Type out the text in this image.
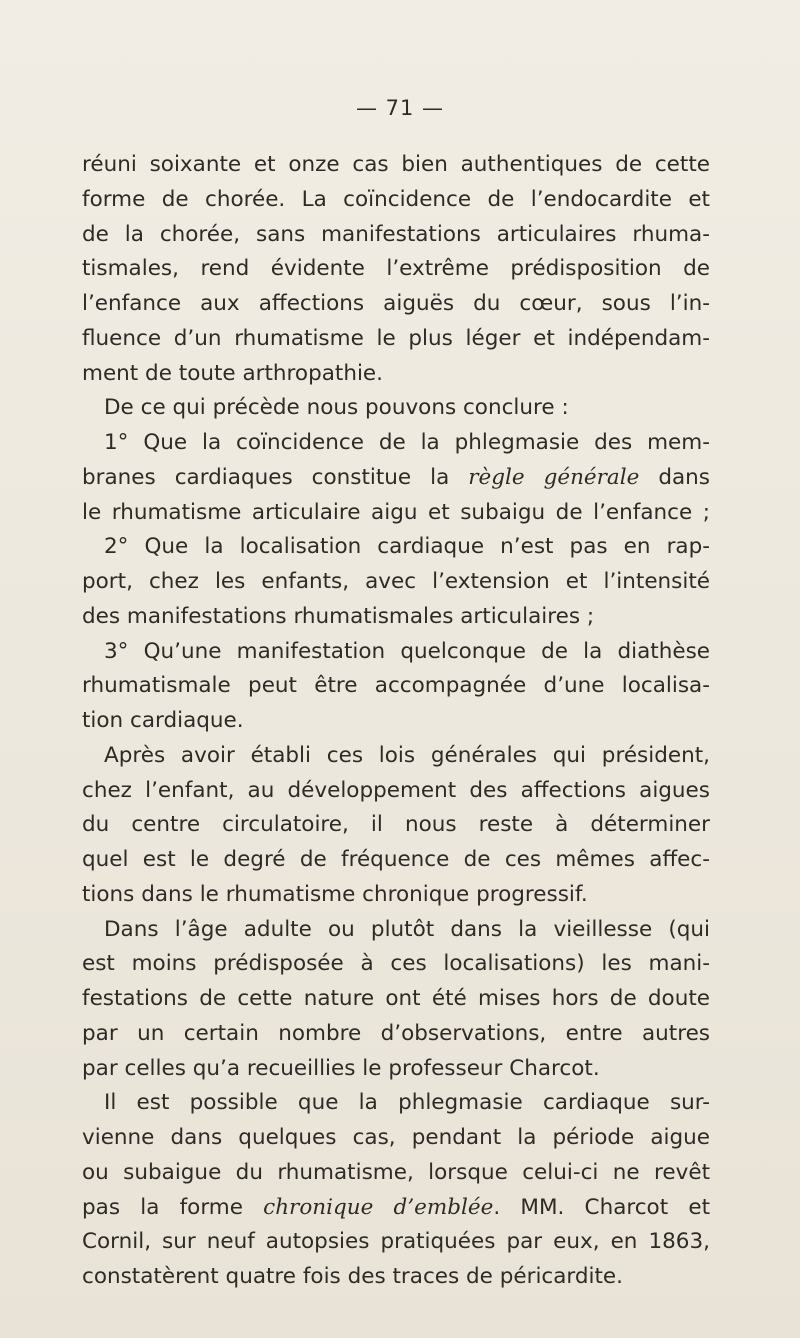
— 71 —
réuni soixante et onze cas bien authentiques de cette
forme de chorée. La coïncidence de l’endocardite et
de la chorée, sans manifestations articulaires rhuma-
tismales, rend évidente l’extrême prédisposition de
l’enfance aux affections aiguës du cœur, sous l’in-
fluence d’un rhumatisme le plus léger et indépendam-
ment de toute arthropathie.
De ce qui précède nous pouvons conclure :
1° Que la coïncidence de la phlegmasie des mem-
branes cardiaques constitue la règle générale dans
le rhumatisme articulaire aigu et subaigu de l’enfance ;
2° Que la localisation cardiaque n’est pas en rap-
port, chez les enfants, avec l’extension et l’intensité
des manifestations rhumatismales articulaires ;
3° Qu’une manifestation quelconque de la diathèse
rhumatismale peut être accompagnée d’une localisa-
tion cardiaque.
Après avoir établi ces lois générales qui président,
chez l’enfant, au développement des affections aigues
du centre circulatoire, il nous reste à déterminer
quel est le degré de fréquence de ces mêmes affec-
tions dans le rhumatisme chronique progressif.
Dans l’âge adulte ou plutôt dans la vieillesse (qui
est moins prédisposée à ces localisations) les mani-
festations de cette nature ont été mises hors de doute
par un certain nombre d’observations, entre autres
par celles qu’a recueillies le professeur Charcot.
Il est possible que la phlegmasie cardiaque sur-
vienne dans quelques cas, pendant la période aigue
ou subaigue du rhumatisme, lorsque celui-ci ne revêt
pas la forme chronique d’emblée. MM. Charcot et
Cornil, sur neuf autopsies pratiquées par eux, en 1863,
constatèrent quatre fois des traces de péricardite.
